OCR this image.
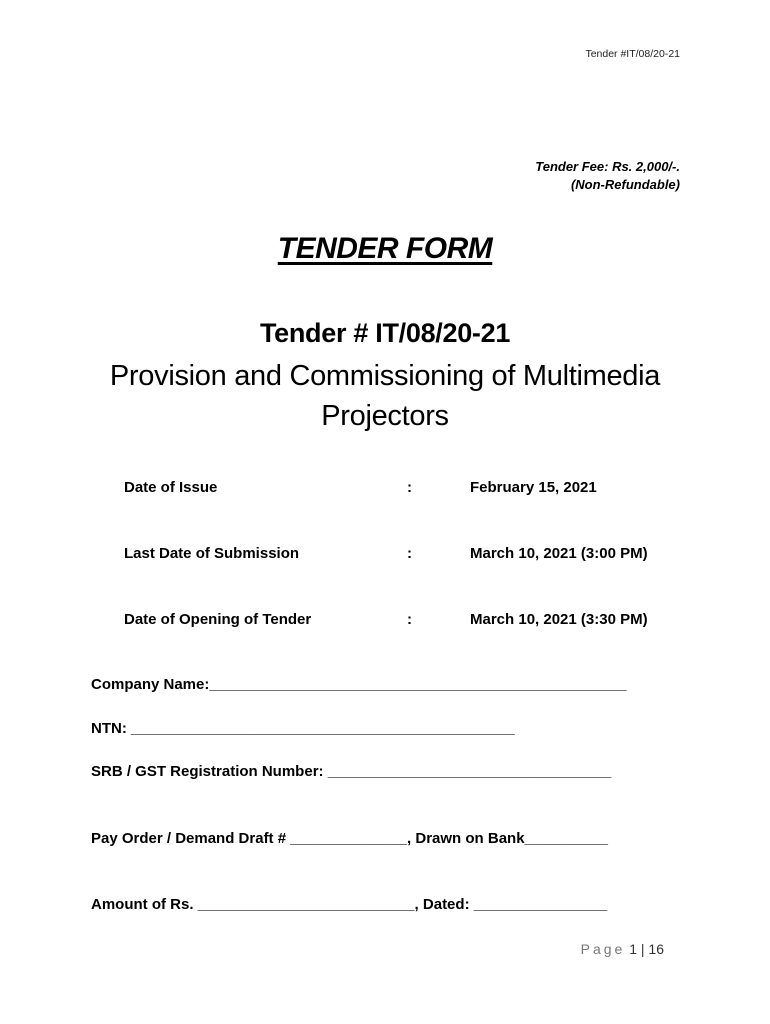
Tender #IT/08/20-21
Tender Fee: Rs. 2,000/-.
(Non-Refundable)
TENDER FORM
Tender # IT/08/20-21
Provision and Commissioning of Multimedia
Projectors
Date of Issue	:	February 15, 2021
Last Date of Submission	:	March 10, 2021 (3:00 PM)
Date of Opening of Tender	:	March 10, 2021 (3:30 PM)
Company Name:__________________________________________________
NTN: ______________________________________________
SRB / GST Registration Number: __________________________________
Pay Order / Demand Draft # ______________, Drawn on Bank__________
Amount of Rs. __________________________, Dated: ________________
Page 1 | 16
